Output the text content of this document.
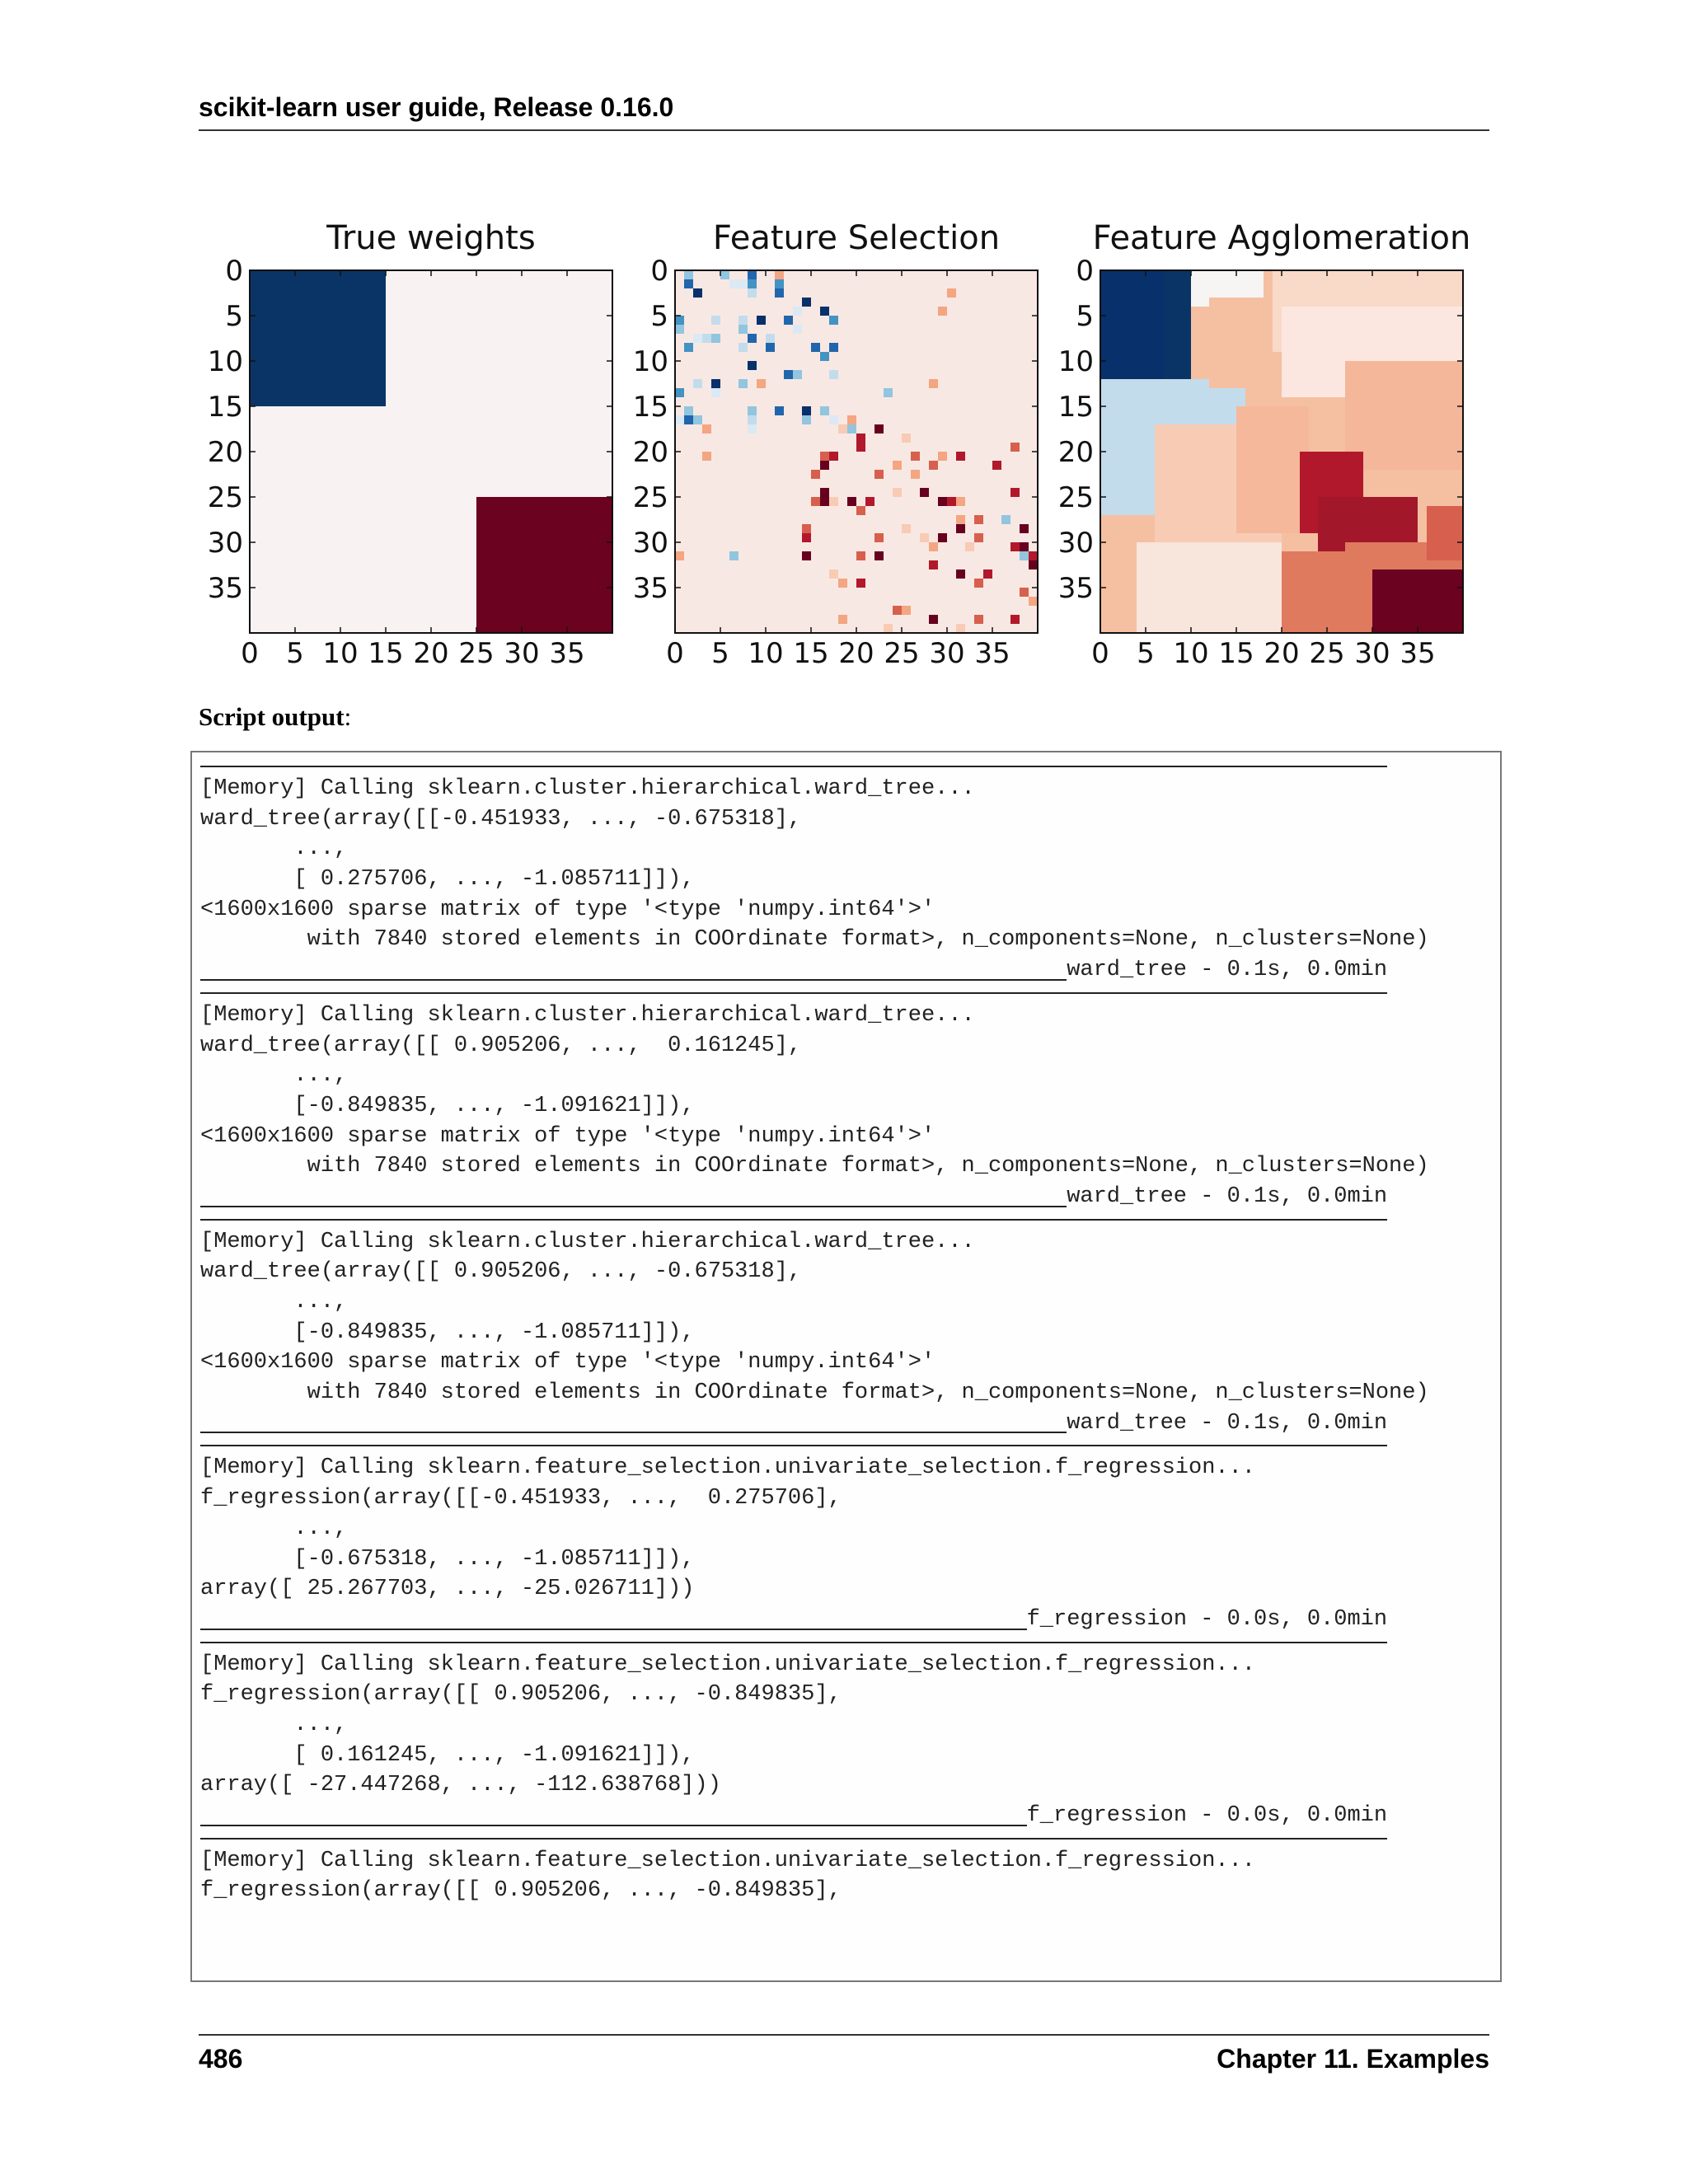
scikit-learn user guide, Release 0.16.0
True weights
0
5
10
15
20
25
30
35
0 5 10 15 20 25 30 35
Feature Selection
0
5
10
15
20
25
30
35
0 5 10 15 20 25 30 35
Feature Agglomeration
0
5
10
15
20
25
30
35
0 5 10 15 20 25 30 35
Script output:
[Memory] Calling sklearn.cluster.hierarchical.ward_tree...
ward_tree(array([[-0.451933, ..., -0.675318],
...,
[ 0.275706, ..., -1.085711]]),
<1600x1600 sparse matrix of type '<type 'numpy.int64'>'
with 7840 stored elements in COOrdinate format>, n_components=None, n_clusters=None)
ward_tree - 0.1s, 0.0min
[Memory] Calling sklearn.cluster.hierarchical.ward_tree...
ward_tree(array([[ 0.905206, ...,  0.161245],
...,
[-0.849835, ..., -1.091621]]),
<1600x1600 sparse matrix of type '<type 'numpy.int64'>'
with 7840 stored elements in COOrdinate format>, n_components=None, n_clusters=None)
ward_tree - 0.1s, 0.0min
[Memory] Calling sklearn.cluster.hierarchical.ward_tree...
ward_tree(array([[ 0.905206, ..., -0.675318],
...,
[-0.849835, ..., -1.085711]]),
<1600x1600 sparse matrix of type '<type 'numpy.int64'>'
with 7840 stored elements in COOrdinate format>, n_components=None, n_clusters=None)
ward_tree - 0.1s, 0.0min
[Memory] Calling sklearn.feature_selection.univariate_selection.f_regression...
f_regression(array([[-0.451933, ...,  0.275706],
...,
[-0.675318, ..., -1.085711]]),
array([ 25.267703, ..., -25.026711]))
f_regression - 0.0s, 0.0min
[Memory] Calling sklearn.feature_selection.univariate_selection.f_regression...
f_regression(array([[ 0.905206, ..., -0.849835],
...,
[ 0.161245, ..., -1.091621]]),
array([ -27.447268, ..., -112.638768]))
f_regression - 0.0s, 0.0min
[Memory] Calling sklearn.feature_selection.univariate_selection.f_regression...
f_regression(array([[ 0.905206, ..., -0.849835],
486	Chapter 11. Examples
